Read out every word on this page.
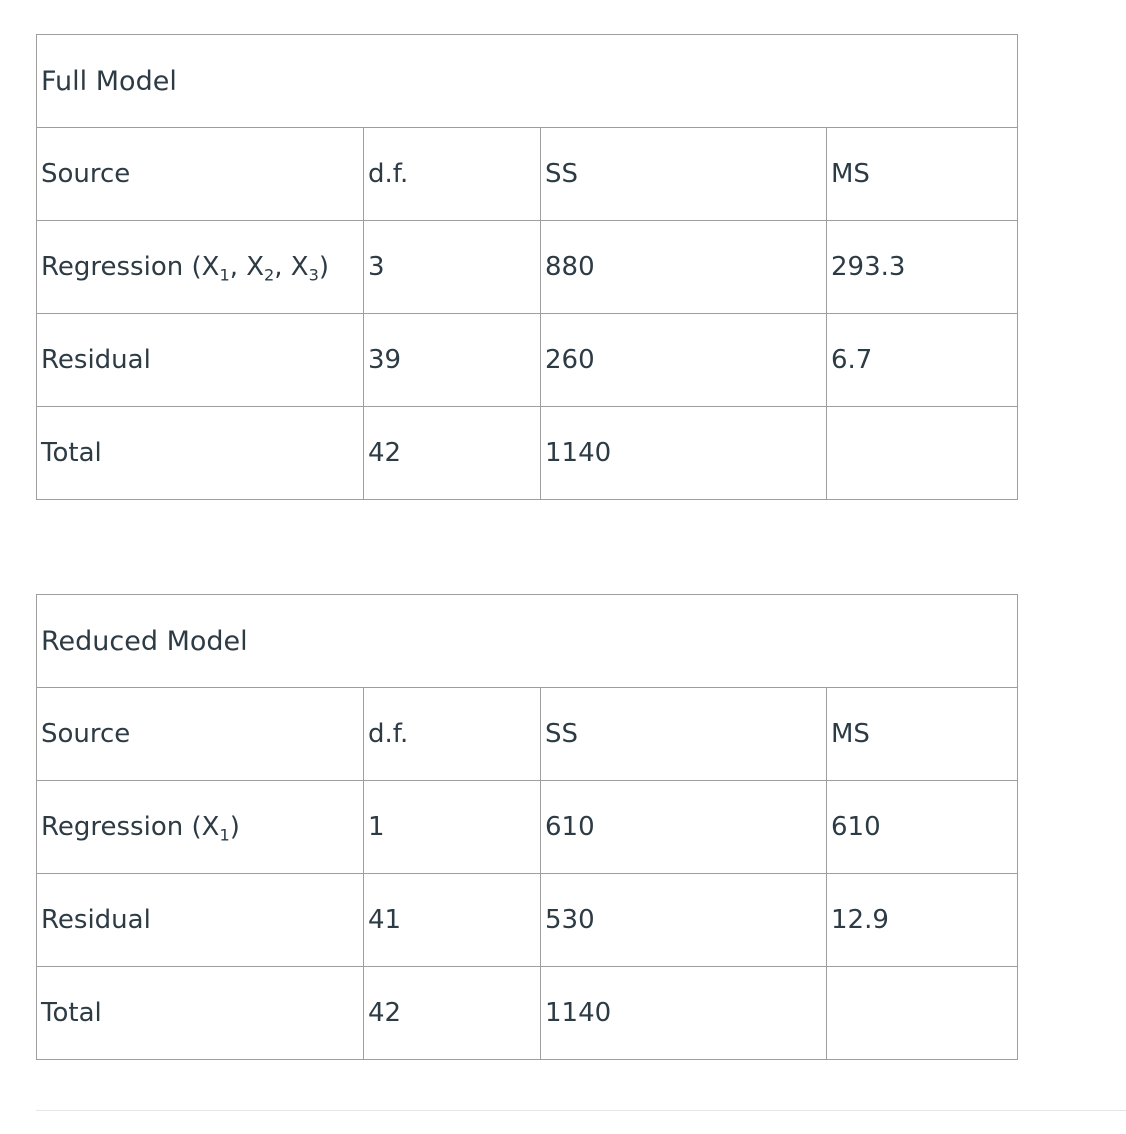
Full Model			
Source	d.f.	SS	MS
Regression ($X_1$, $X_2$, $X_3$)	3	880	293.3
Residual	39	260	6.7
Total	42	1140	
Reduced Model			
Source	d.f.	SS	MS
Regression $(X_1)$	1	610	610
Residual	41	530	12.9
Total	42	1140	
